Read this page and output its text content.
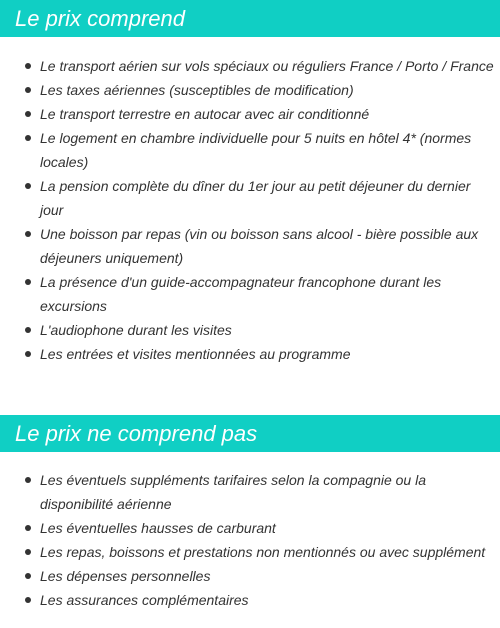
Le prix comprend
Le transport aérien sur vols spéciaux ou réguliers France / Porto / France
Les taxes aériennes (susceptibles de modification)
Le transport terrestre en autocar avec air conditionné
Le logement en chambre individuelle pour 5 nuits en hôtel 4* (normes
locales)
La pension complète du dîner du 1er jour au petit déjeuner du dernier
jour
Une boisson par repas (vin ou boisson sans alcool - bière possible aux
déjeuners uniquement)
La présence d'un guide-accompagnateur francophone durant les
excursions
L'audiophone durant les visites
Les entrées et visites mentionnées au programme
Le prix ne comprend pas
Les éventuels suppléments tarifaires selon la compagnie ou la
disponibilité aérienne
Les éventuelles hausses de carburant
Les repas, boissons et prestations non mentionnés ou avec supplément
Les dépenses personnelles
Les assurances complémentaires
